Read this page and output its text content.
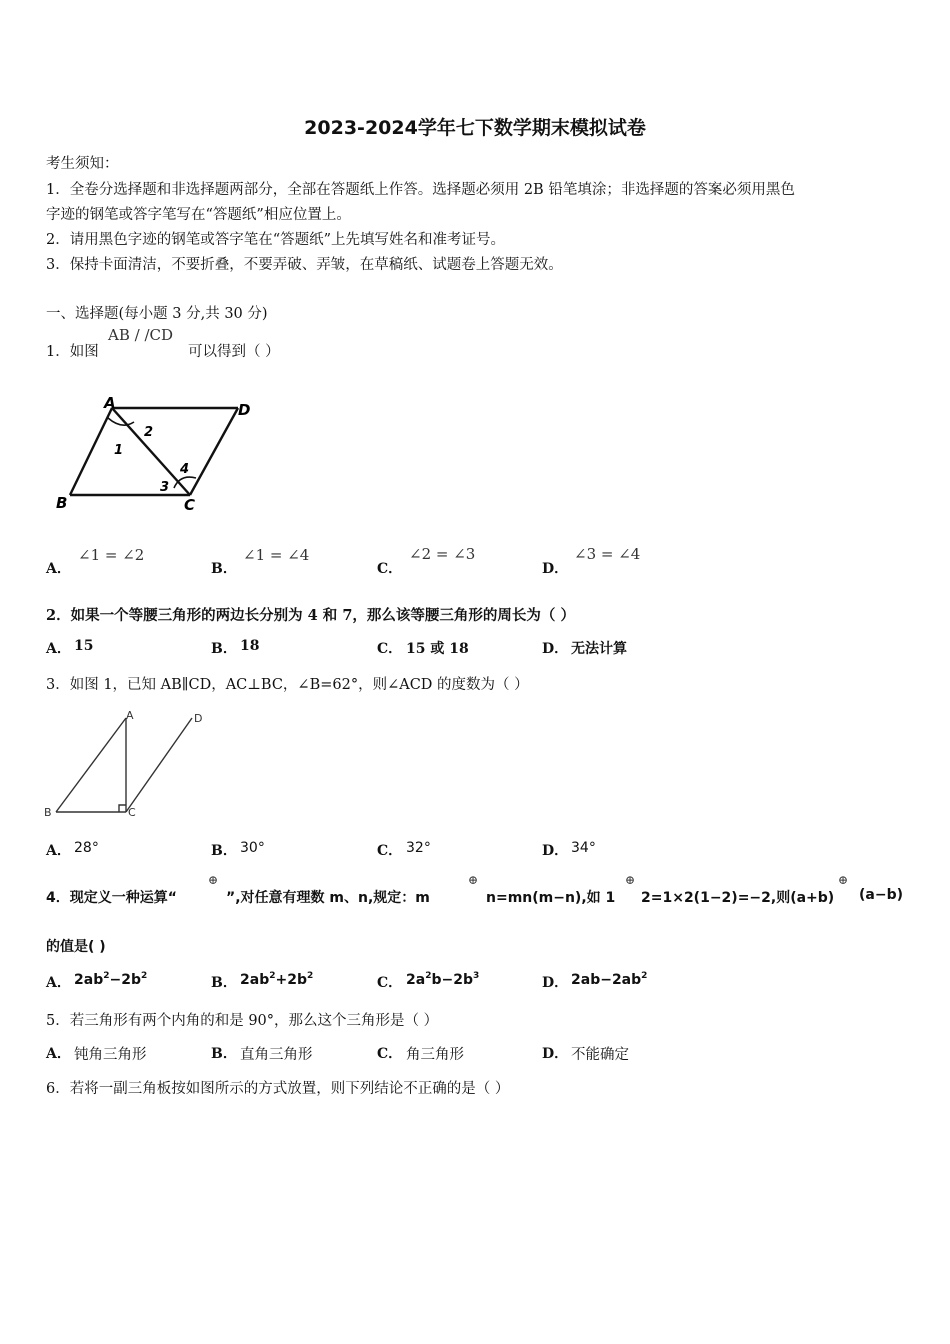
2023-2024学年七下数学期末模拟试卷
考生须知：
1．全卷分选择题和非选择题两部分，全部在答题纸上作答。选择题必须用 2B 铅笔填涂；非选择题的答案必须用黑色
字迹的钢笔或答字笔写在“答题纸”相应位置上。
2．请用黑色字迹的钢笔或答字笔在“答题纸”上先填写姓名和准考证号。
3．保持卡面清洁，不要折叠，不要弄破、弄皱，在草稿纸、试题卷上答题无效。
一、选择题(每小题 3 分,共 30 分)
1．如图
AB / /CD
可以得到（ ）
A	D
B	C
1
2
3
4
A．
∠1 = ∠2
B．
∠1 = ∠4
C．
∠2 = ∠3
D．
∠3 = ∠4
2．如果一个等腰三角形的两边长分别为 4 和 7，那么该等腰三角形的周长为（ ）
A． 15	B． 18	C． 15 或 18	D． 无法计算
3．如图 1，已知 AB∥CD，AC⊥BC，∠B=62°，则∠ACD 的度数为（ ）
A	D
B	C
A． 28°	B． 30°	C． 32°	D． 34°
4．现定义一种运算“
⊕
”,对任意有理数 m、n,规定：m
⊕
n=mn(m−n),如 1
⊕
2=1×2(1−2)=−2,则(a+b)
⊕
(a−b)
的值是( )
A． $2ab^2-2b^2$	B． $2ab^2+2b^2$	C． $2a^2b-2b^3$	D． $2ab-2ab^2$
5．若三角形有两个内角的和是 90°，那么这个三角形是（ ）
A． 钝角三角形	B． 直角三角形	C． 角三角形	D． 不能确定
6．若将一副三角板按如图所示的方式放置，则下列结论不正确的是（ ）
